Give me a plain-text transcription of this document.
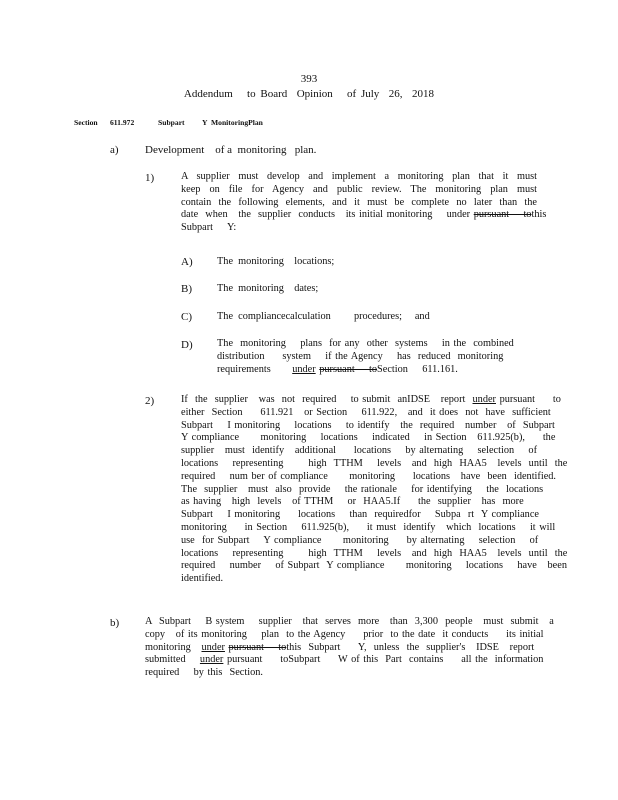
393
Addendum   to Board  Opinion   of July  26,  2018
Section 611.972	Subpart Y  MonitoringPlan
a) Development    of a  monitoring   plan.
1)	A supplier must develop and implement a monitoring plan that it must
keep on file for Agency and public review. The monitoring plan must
contain the following elements, and it must be complete no later than the
date  when   the  supplier  conducts   its initial monitoring    under pursuant    tothis
Subpart    Y:
A) The  monitoring    locations;
B) The  monitoring    dates;
C) The  compliancecalculation         procedures;     and
D) The  monitoring    plans  for any  other  systems    in the  combined
distribution     system    if the Agency    has  reduced  monitoring
requirements under pursuant    toSection    611.161.
2)	If  the  supplier   was  not  required    to submit  anIDSE   report under pursuant     to
either  Section     611.921   or Section    611.922,   and  it does  not  have  sufficient
Subpart    I monitoring    locations    to identify   the  required   number   of  Subpart
Y compliance      monitoring    locations    indicated    in Section   611.925(b),     the
supplier   must  identify   additional     locations    by alternating    selection    of
locations    representing       high  TTHM    levels   and  high  HAA5   levels  until  the
required    num ber of compliance      monitoring     locations   have  been  identified.
The  supplier   must  also  provide    the rationale    for identifying    the  locations
as having   high  levels   of TTHM    or  HAA5.If     the  supplier   has  more
Subpart    I monitoring     locations    than  requiredfor    Subpa  rt  Y compliance
monitoring     in Section    611.925(b),     it must  identify   which  locations    it will
use  for Subpart    Y compliance      monitoring     by alternating    selection    of
locations    representing       high  TTHM    levels   and  high  HAA5   levels  until  the
required    number    of Subpart  Y compliance      monitoring    locations    have   been
identified.
b)	A  Subpart    B system    supplier   that  serves  more   than  3,300  people   must  submit   a
copy   of its monitoring    plan  to the Agency     prior  to the date  it conducts     its initial
monitoring under pursuant    tothis  Subpart     Y,  unless  the  supplier's   IDSE   report
submitted under pursuant     toSubpart     W of this  Part  contains     all the  information
required    by this  Section.
